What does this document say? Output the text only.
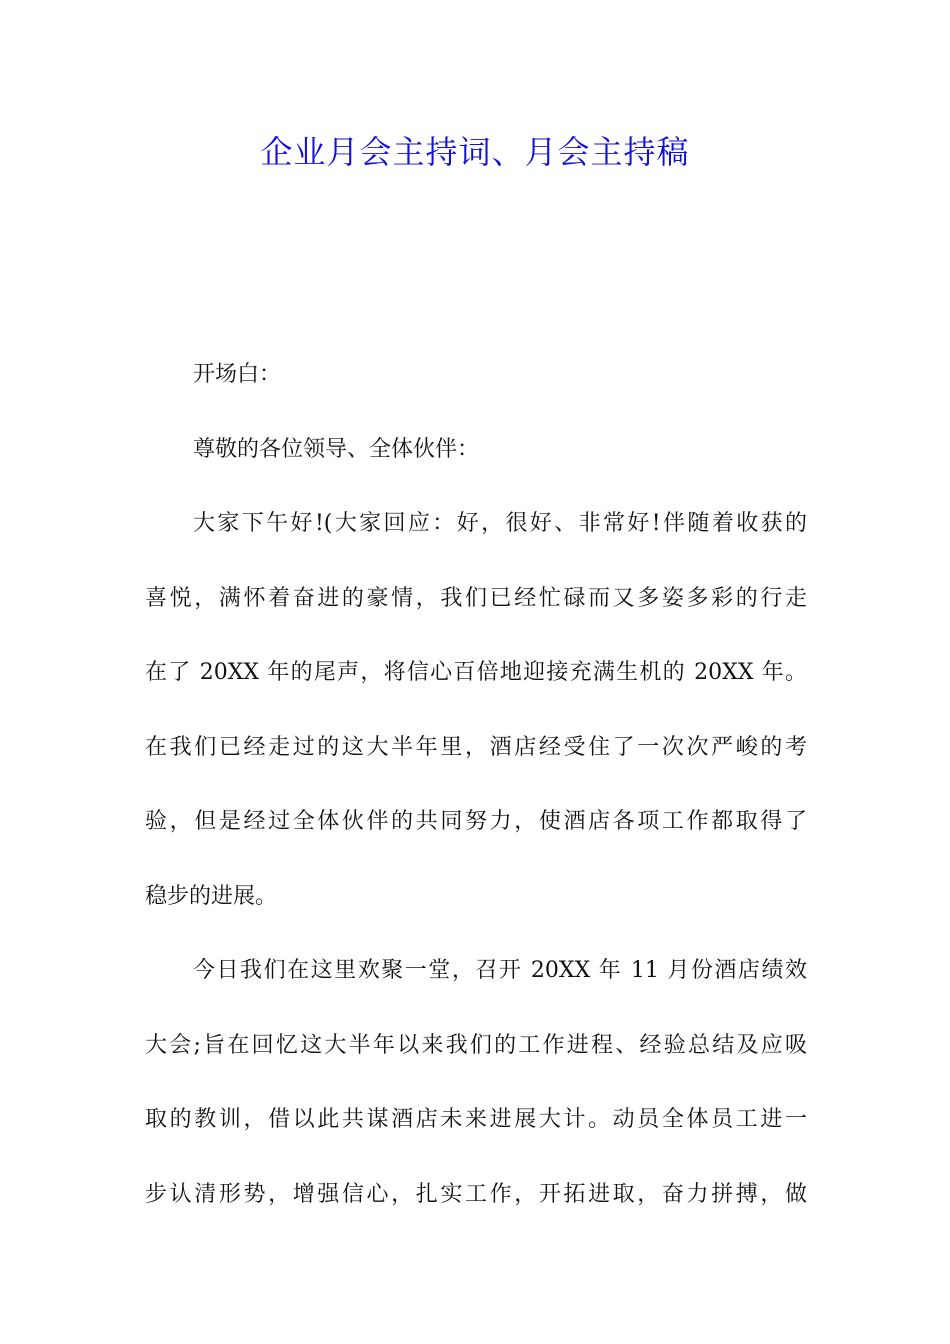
企业月会主持词、月会主持稿

开场白：

尊敬的各位领导、全体伙伴：

大家下午好!(大家回应：好，很好、非常好!伴随着收获的

喜悦，满怀着奋进的豪情，我们已经忙碌而又多姿多彩的行走

在了 20XX 年的尾声，将信心百倍地迎接充满生机的 20XX 年。

在我们已经走过的这大半年里，酒店经受住了一次次严峻的考

验，但是经过全体伙伴的共同努力，使酒店各项工作都取得了

稳步的进展。

今日我们在这里欢聚一堂，召开 20XX 年 11 月份酒店绩效

大会;旨在回忆这大半年以来我们的工作进程、经验总结及应吸

取的教训，借以此共谋酒店未来进展大计。动员全体员工进一

步认清形势，增强信心，扎实工作，开拓进取，奋力拼搏，做
